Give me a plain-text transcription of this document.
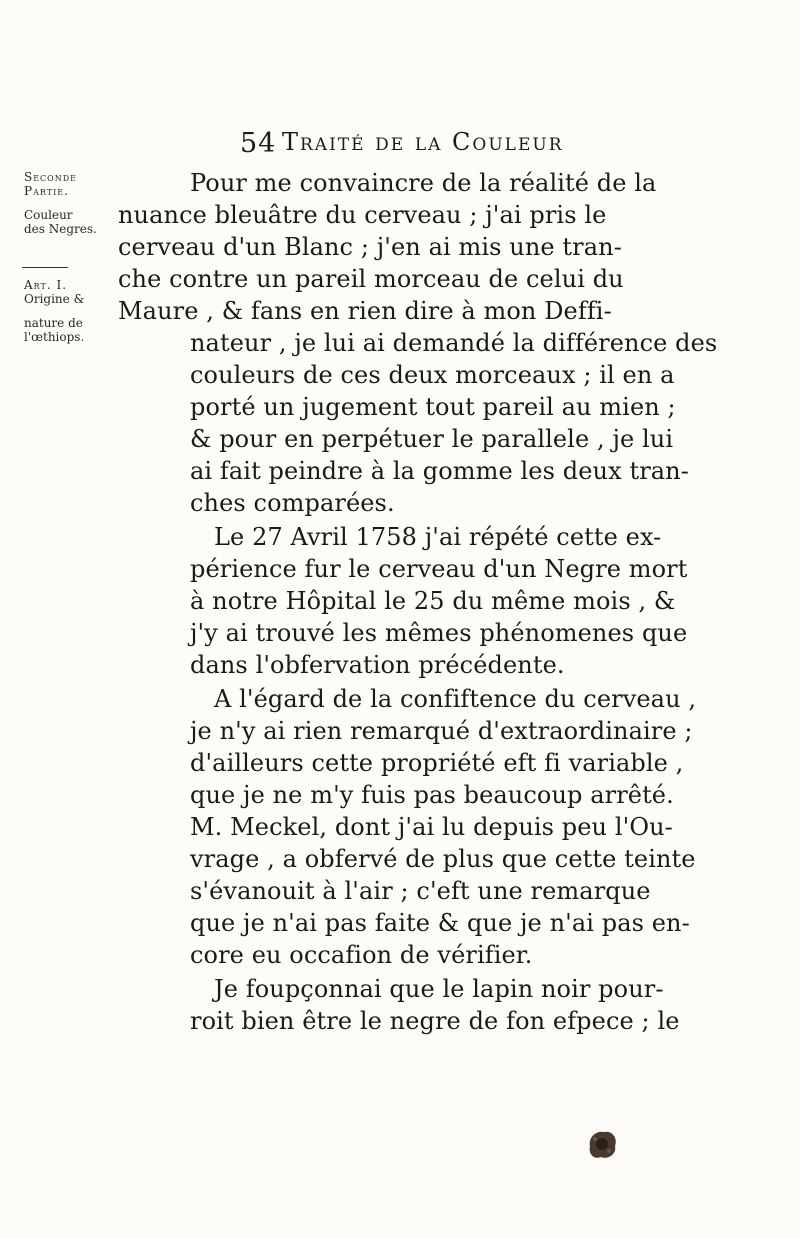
54 Traité de la Couleur
Seconde
Partie.
Couleur
des Negres.
Art. I.
Origine &
nature de
l'œthiops.
Pour me convaincre de la réalité de la
nuance bleuâtre du cerveau ; j'ai pris le
cerveau d'un Blanc ; j'en ai mis une tran-
che contre un pareil morceau de celui du
Maure , & fans en rien dire à mon Deffi-
nateur , je lui ai demandé la différence des
couleurs de ces deux morceaux ; il en a
porté un jugement tout pareil au mien ;
& pour en perpétuer le parallele , je lui
ai fait peindre à la gomme les deux tran-
ches comparées.
Le 27 Avril 1758 j'ai répété cette ex-
périence fur le cerveau d'un Negre mort
à notre Hôpital le 25 du même mois , &
j'y ai trouvé les mêmes phénomenes que
dans l'obfervation précédente.
A l'égard de la confiftence du cerveau ,
je n'y ai rien remarqué d'extraordinaire ;
d'ailleurs cette propriété eft fi variable ,
que je ne m'y fuis pas beaucoup arrêté.
M. Meckel, dont j'ai lu depuis peu l'Ou-
vrage , a obfervé de plus que cette teinte
s'évanouit à l'air ; c'eft une remarque
que je n'ai pas faite & que je n'ai pas en-
core eu occafion de vérifier.
Je foupçonnai que le lapin noir pour-
roit bien être le negre de fon efpece ; le
